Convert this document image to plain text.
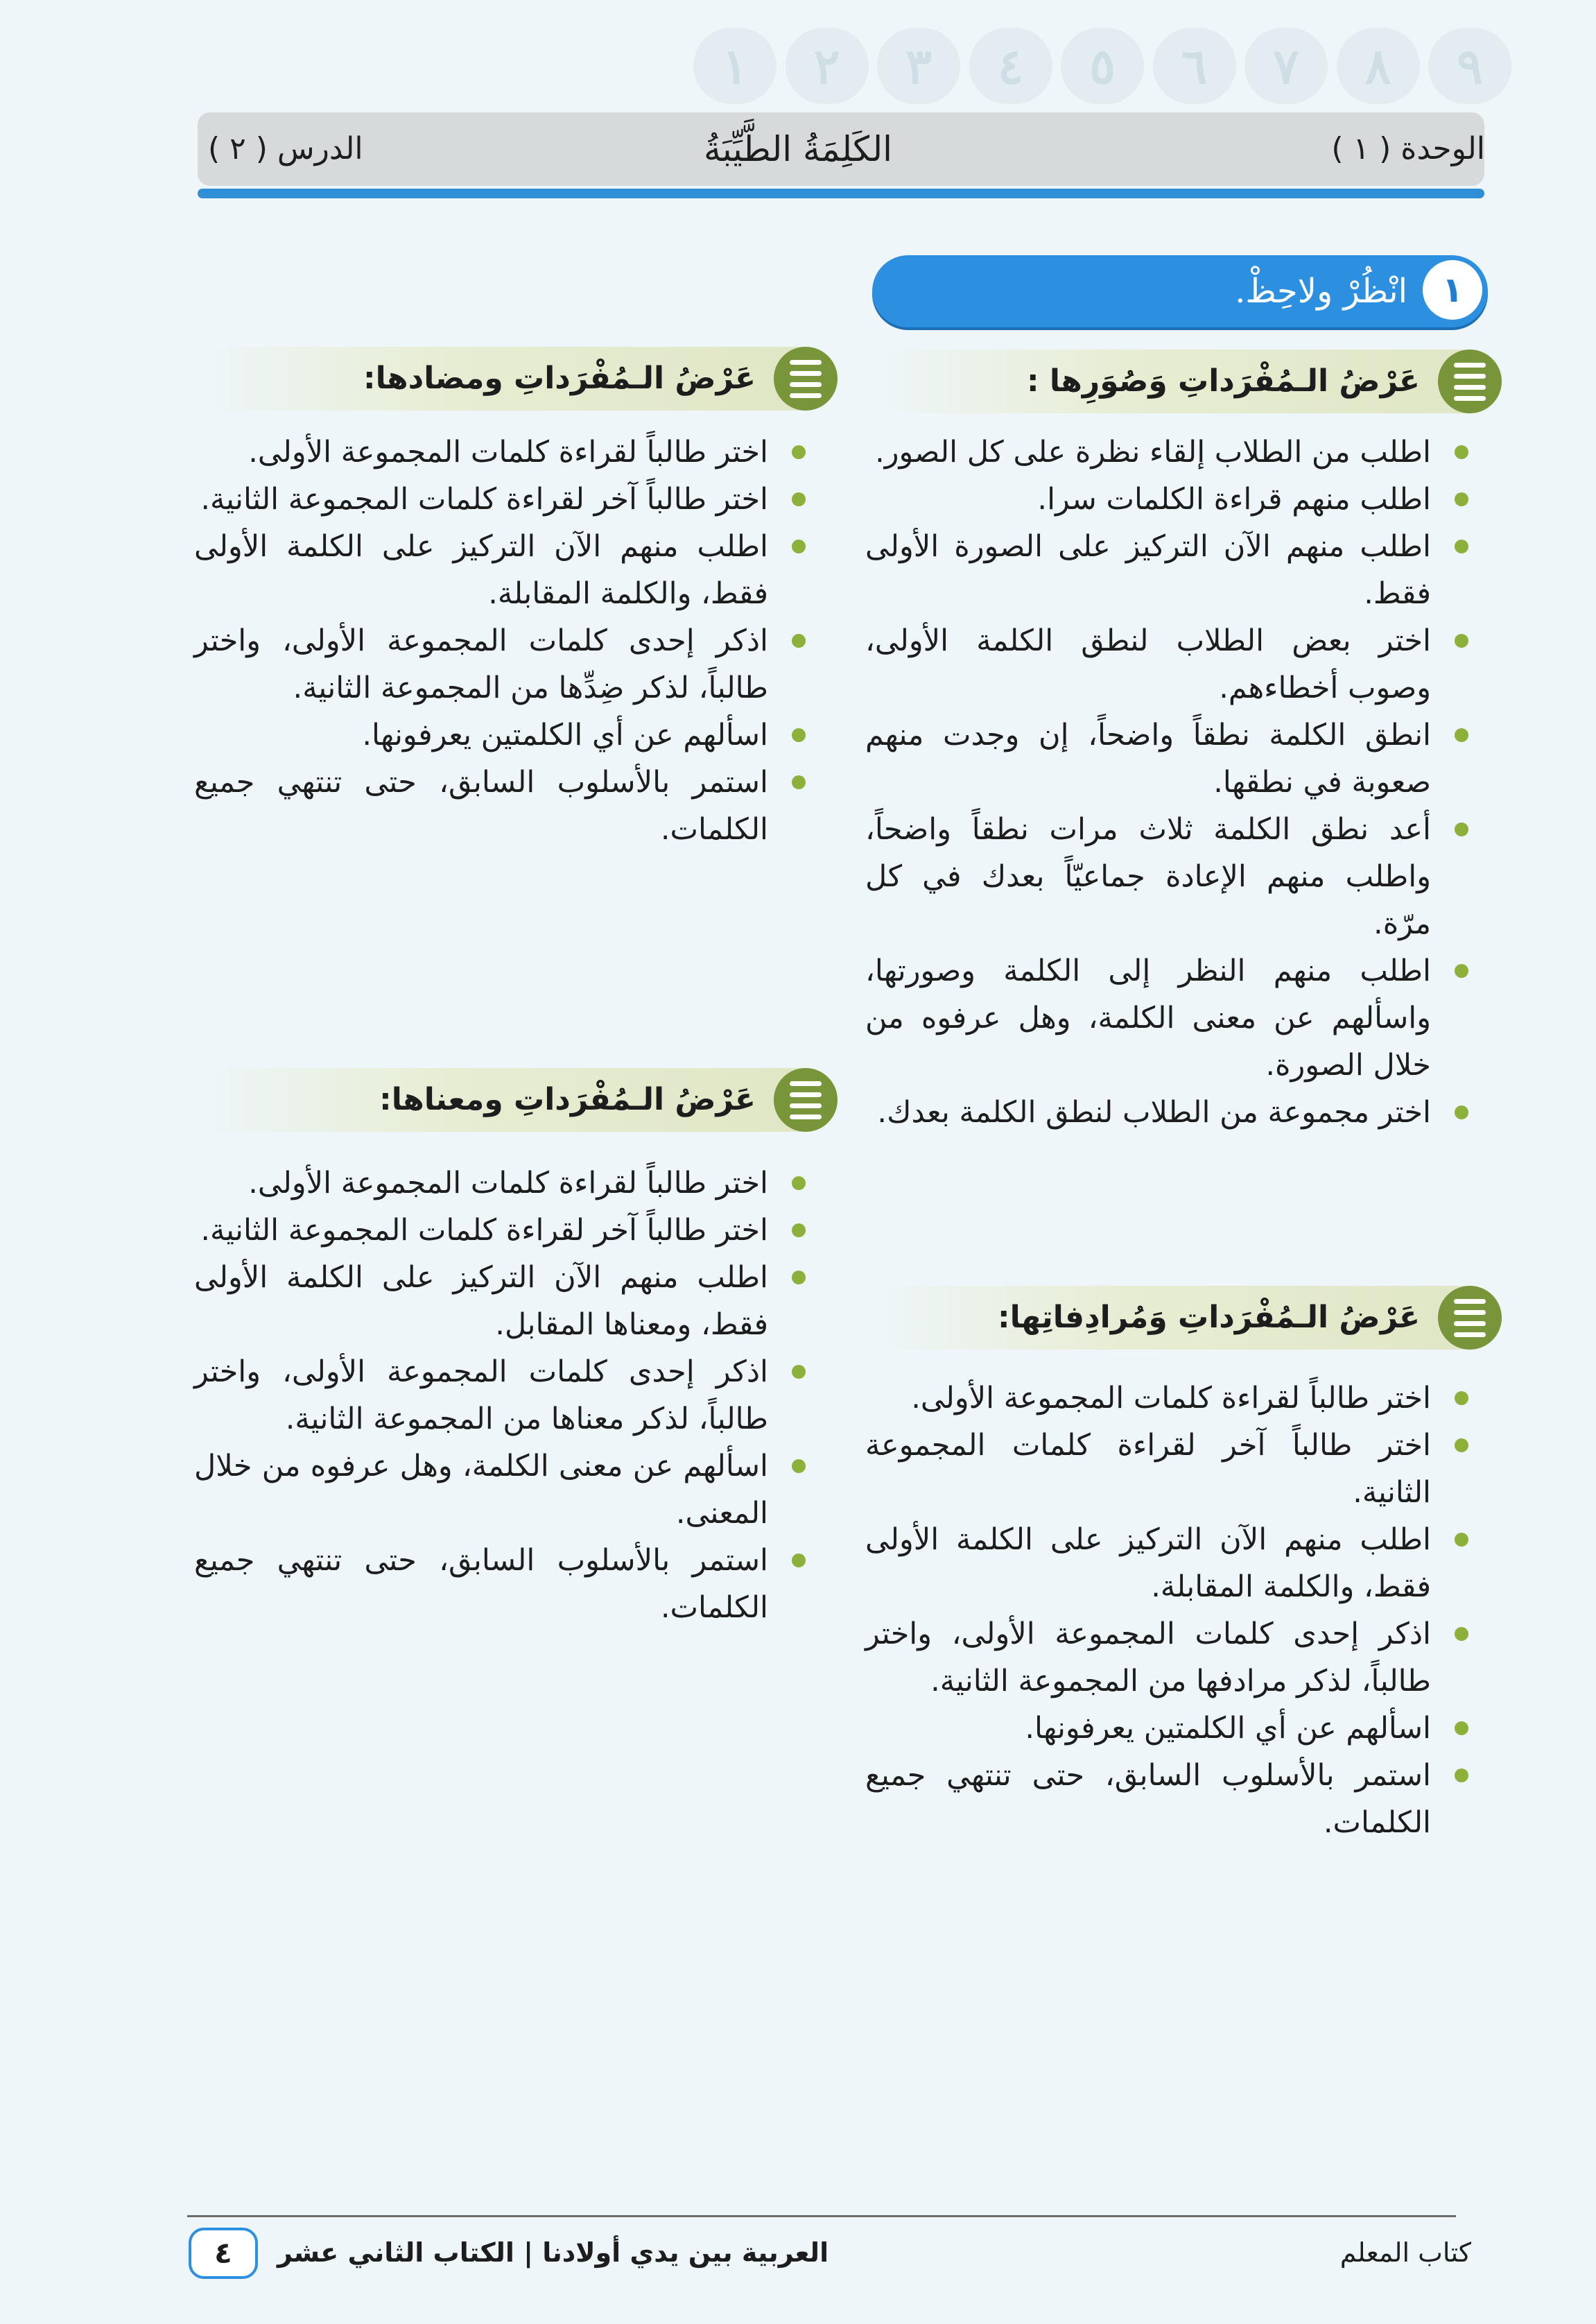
١	٢	٣	٤	٥	٦	٧	٨	٩
الوحدة ( ١ )
الكَلِمَةُ الطَّيِّبَةُ
الدرس ( ٢ )
١
انْظُرْ ولاحِظْ.
عَرْضُ الـمُفْرَداتِ وَصُوَرِها :
اطلب من الطلاب إلقاء نظرة على كل الصور.
اطلب منهم قراءة الكلمات سرا.
اطلب منهم الآن التركيز على الصورة الأولى فقط.
اختر بعض الطلاب لنطق الكلمة الأولى، وصوب أخطاءهم.
انطق الكلمة نطقاً واضحاً، إن وجدت منهم صعوبة في نطقها.
أعد نطق الكلمة ثلاث مرات نطقاً واضحاً، واطلب منهم الإعادة جماعيّاً بعدك في كل مرّة.
اطلب منهم النظر إلى الكلمة وصورتها، واسألهم عن معنى الكلمة، وهل عرفوه من خلال الصورة.
اختر مجموعة من الطلاب لنطق الكلمة بعدك.
عَرْضُ الـمُفْرَداتِ وَمُرادِفاتِها:
اختر طالباً لقراءة كلمات المجموعة الأولى.
اختر طالباً آخر لقراءة كلمات المجموعة الثانية.
اطلب منهم الآن التركيز على الكلمة الأولى فقط، والكلمة المقابلة.
اذكر إحدى كلمات المجموعة الأولى، واختر طالباً، لذكر مرادفها من المجموعة الثانية.
اسألهم عن أي الكلمتين يعرفونها.
استمر بالأسلوب السابق، حتى تنتهي جميع الكلمات.
عَرْضُ الـمُفْرَداتِ ومضادها:
اختر طالباً لقراءة كلمات المجموعة الأولى.
اختر طالباً آخر لقراءة كلمات المجموعة الثانية.
اطلب منهم الآن التركيز على الكلمة الأولى فقط، والكلمة المقابلة.
اذكر إحدى كلمات المجموعة الأولى، واختر طالباً، لذكر ضِدِّها من المجموعة الثانية.
اسألهم عن أي الكلمتين يعرفونها.
استمر بالأسلوب السابق، حتى تنتهي جميع الكلمات.
عَرْضُ الـمُفْرَداتِ ومعناها:
اختر طالباً لقراءة كلمات المجموعة الأولى.
اختر طالباً آخر لقراءة كلمات المجموعة الثانية.
اطلب منهم الآن التركيز على الكلمة الأولى فقط، ومعناها المقابل.
اذكر إحدى كلمات المجموعة الأولى، واختر طالباً، لذكر معناها من المجموعة الثانية.
اسألهم عن معنى الكلمة، وهل عرفوه من خلال المعنى.
استمر بالأسلوب السابق، حتى تنتهي جميع الكلمات.
٤	العربية بين يدي أولادنا | الكتاب الثاني عشر	كتاب المعلم
